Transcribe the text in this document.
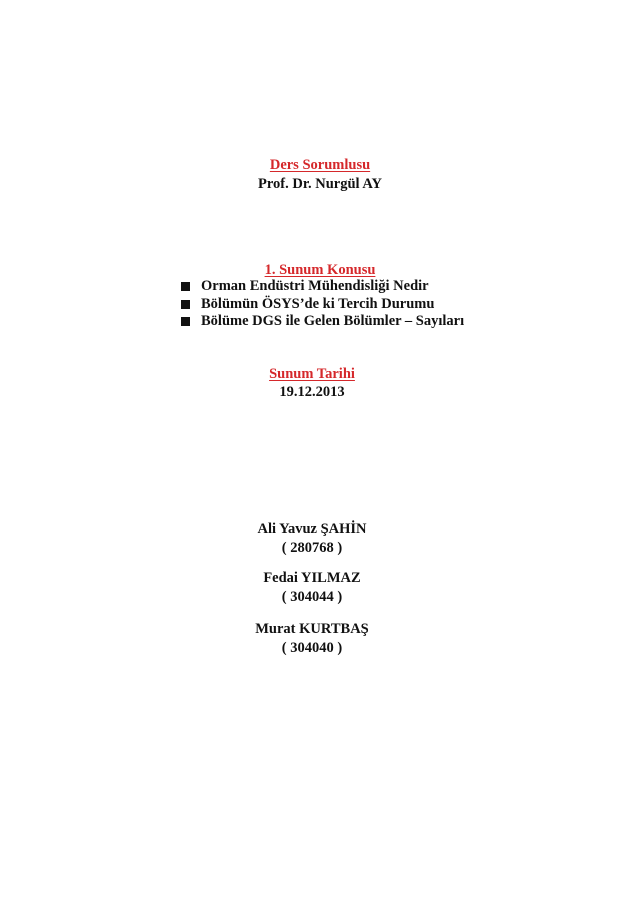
Ders Sorumlusu
Prof. Dr. Nurgül AY
1. Sunum Konusu
Orman Endüstri Mühendisliği Nedir
Bölümün ÖSYS’de ki Tercih Durumu
Bölüme DGS ile Gelen Bölümler – Sayıları
Sunum Tarihi
19.12.2013
Ali Yavuz ŞAHİN
( 280768 )
Fedai YILMAZ
( 304044 )
Murat KURTBAŞ
( 304040 )
